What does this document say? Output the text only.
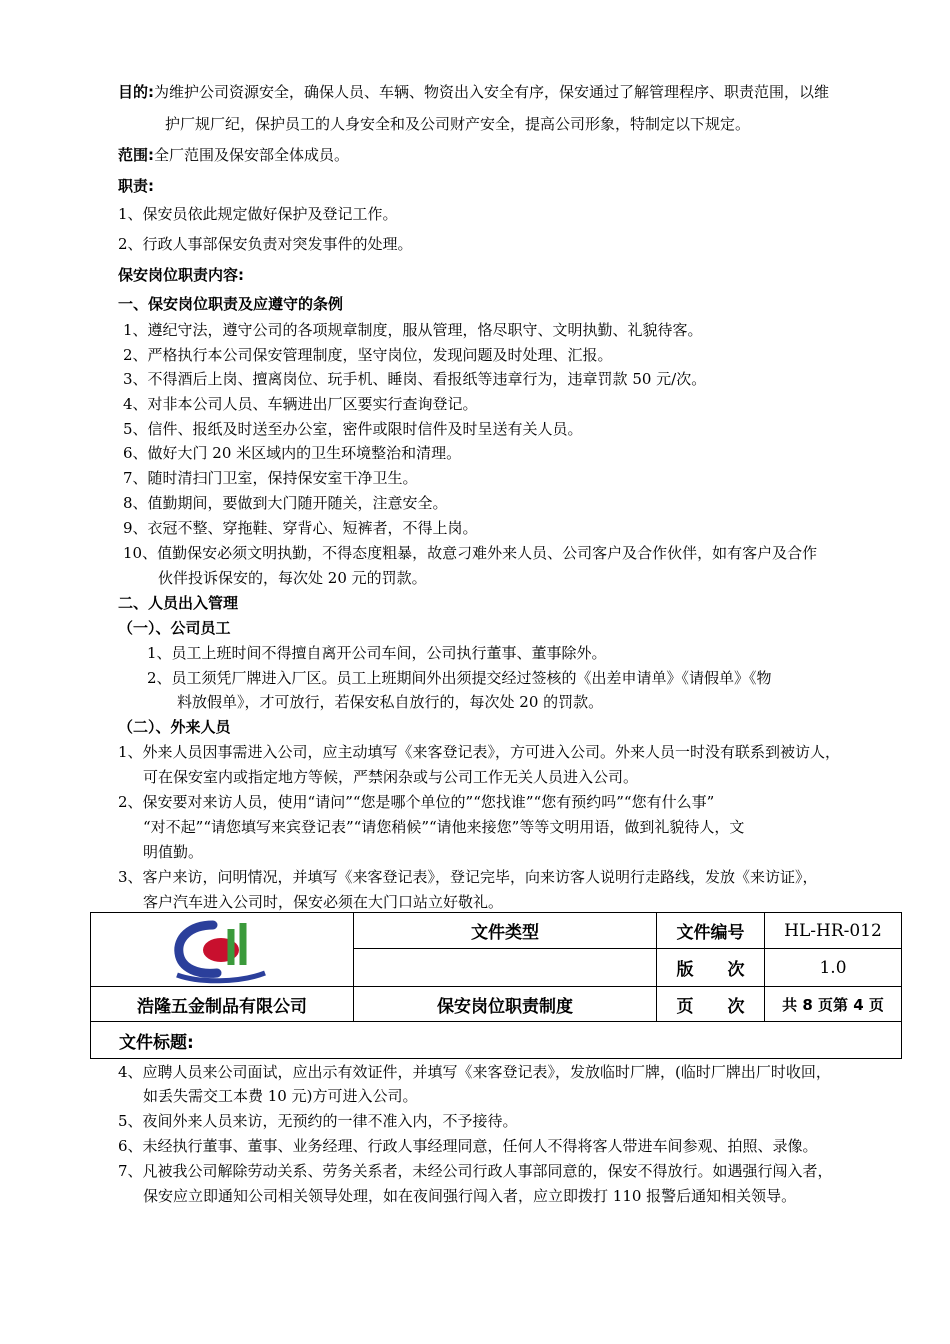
目的:为维护公司资源安全，确保人员、车辆、物资出入安全有序，保安通过了解管理程序、职责范围，以维
护厂规厂纪，保护员工的人身安全和及公司财产安全，提高公司形象，特制定以下规定。
范围:全厂范围及保安部全体成员。
职责:
1、保安员依此规定做好保护及登记工作。
2、行政人事部保安负责对突发事件的处理。
保安岗位职责内容:
一、保安岗位职责及应遵守的条例
1、遵纪守法，遵守公司的各项规章制度，服从管理，恪尽职守、文明执勤、礼貌待客。
2、严格执行本公司保安管理制度，坚守岗位，发现问题及时处理、汇报。
3、不得酒后上岗、擅离岗位、玩手机、睡岗、看报纸等违章行为，违章罚款 50 元/次。
4、对非本公司人员、车辆进出厂区要实行查询登记。
5、信件、报纸及时送至办公室，密件或限时信件及时呈送有关人员。
6、做好大门 20 米区域内的卫生环境整治和清理。
7、随时清扫门卫室，保持保安室干净卫生。
8、值勤期间，要做到大门随开随关，注意安全。
9、衣冠不整、穿拖鞋、穿背心、短裤者，不得上岗。
10、值勤保安必须文明执勤，不得态度粗暴，故意刁难外来人员、公司客户及合作伙伴，如有客户及合作
伙伴投诉保安的，每次处 20 元的罚款。
二、人员出入管理
（一）、公司员工
1、员工上班时间不得擅自离开公司车间，公司执行董事、董事除外。
2、员工须凭厂牌进入厂区。员工上班期间外出须提交经过签核的《出差申请单》《请假单》《物
料放假单》，才可放行，若保安私自放行的，每次处 20 的罚款。
（二）、外来人员
1、外来人员因事需进入公司，应主动填写《来客登记表》，方可进入公司。外来人员一时没有联系到被访人，
可在保安室内或指定地方等候，严禁闲杂或与公司工作无关人员进入公司。
2、保安要对来访人员，使用“请问”“您是哪个单位的”“您找谁”“您有预约吗”“您有什么事”
“对不起”“请您填写来宾登记表”“请您稍候”“请他来接您”等等文明用语，做到礼貌待人，文
明值勤。
3、客户来访，问明情况，并填写《来客登记表》，登记完毕，向来访客人说明行走路线，发放《来访证》，
客户汽车进入公司时，保安必须在大门口站立好敬礼。
文件类型	文件编号	HL-HR-012
版　　次	1.0
浩隆五金制品有限公司	保安岗位职责制度	页　　次	共 8 页第 4 页
文件标题:
4、应聘人员来公司面试，应出示有效证件，并填写《来客登记表》，发放临时厂牌，(临时厂牌出厂时收回，
如丢失需交工本费 10 元)方可进入公司。
5、夜间外来人员来访，无预约的一律不准入内，不予接待。
6、未经执行董事、董事、业务经理、行政人事经理同意，任何人不得将客人带进车间参观、拍照、录像。
7、凡被我公司解除劳动关系、劳务关系者，未经公司行政人事部同意的，保安不得放行。如遇强行闯入者，
保安应立即通知公司相关领导处理，如在夜间强行闯入者，应立即拨打 110 报警后通知相关领导。
